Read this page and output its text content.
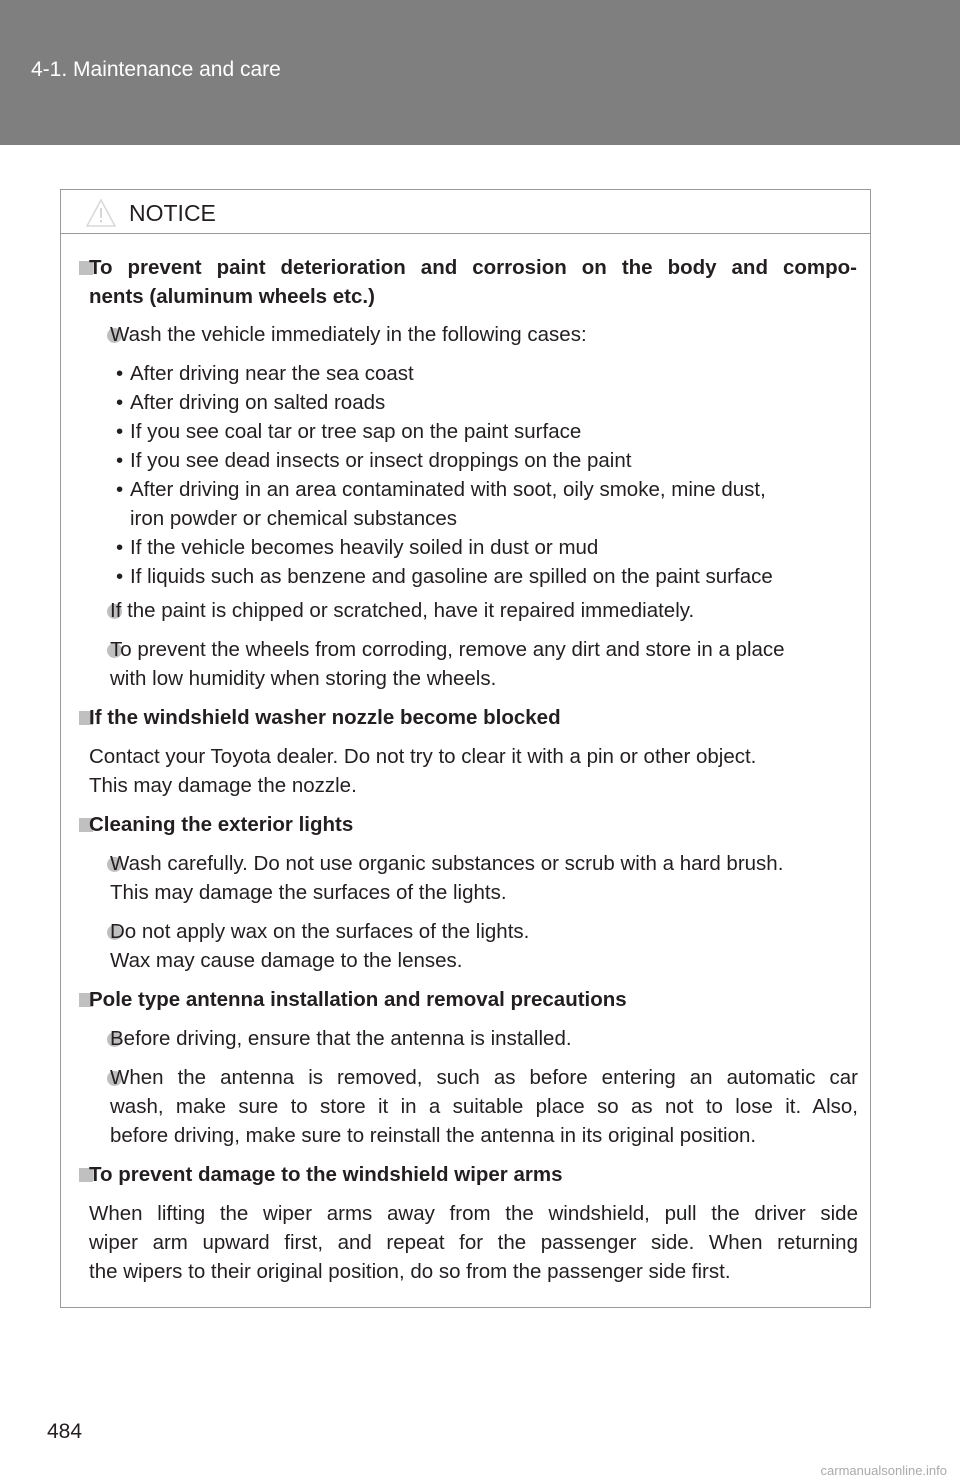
4-1. Maintenance and care
NOTICE
To prevent paint deterioration and corrosion on the body and compo-
nents (aluminum wheels etc.)
Wash the vehicle immediately in the following cases:
• After driving near the sea coast
• After driving on salted roads
• If you see coal tar or tree sap on the paint surface
• If you see dead insects or insect droppings on the paint
• After driving in an area contaminated with soot, oily smoke, mine dust,
iron powder or chemical substances
• If the vehicle becomes heavily soiled in dust or mud
• If liquids such as benzene and gasoline are spilled on the paint surface
If the paint is chipped or scratched, have it repaired immediately.
To prevent the wheels from corroding, remove any dirt and store in a place
with low humidity when storing the wheels.
If the windshield washer nozzle become blocked
Contact your Toyota dealer. Do not try to clear it with a pin or other object.
This may damage the nozzle.
Cleaning the exterior lights
Wash carefully. Do not use organic substances or scrub with a hard brush.
This may damage the surfaces of the lights.
Do not apply wax on the surfaces of the lights.
Wax may cause damage to the lenses.
Pole type antenna installation and removal precautions
Before driving, ensure that the antenna is installed.
When the antenna is removed, such as before entering an automatic car
wash, make sure to store it in a suitable place so as not to lose it. Also,
before driving, make sure to reinstall the antenna in its original position.
To prevent damage to the windshield wiper arms
When lifting the wiper arms away from the windshield, pull the driver side
wiper arm upward first, and repeat for the passenger side. When returning
the wipers to their original position, do so from the passenger side first.
484
carmanualsonline.info
